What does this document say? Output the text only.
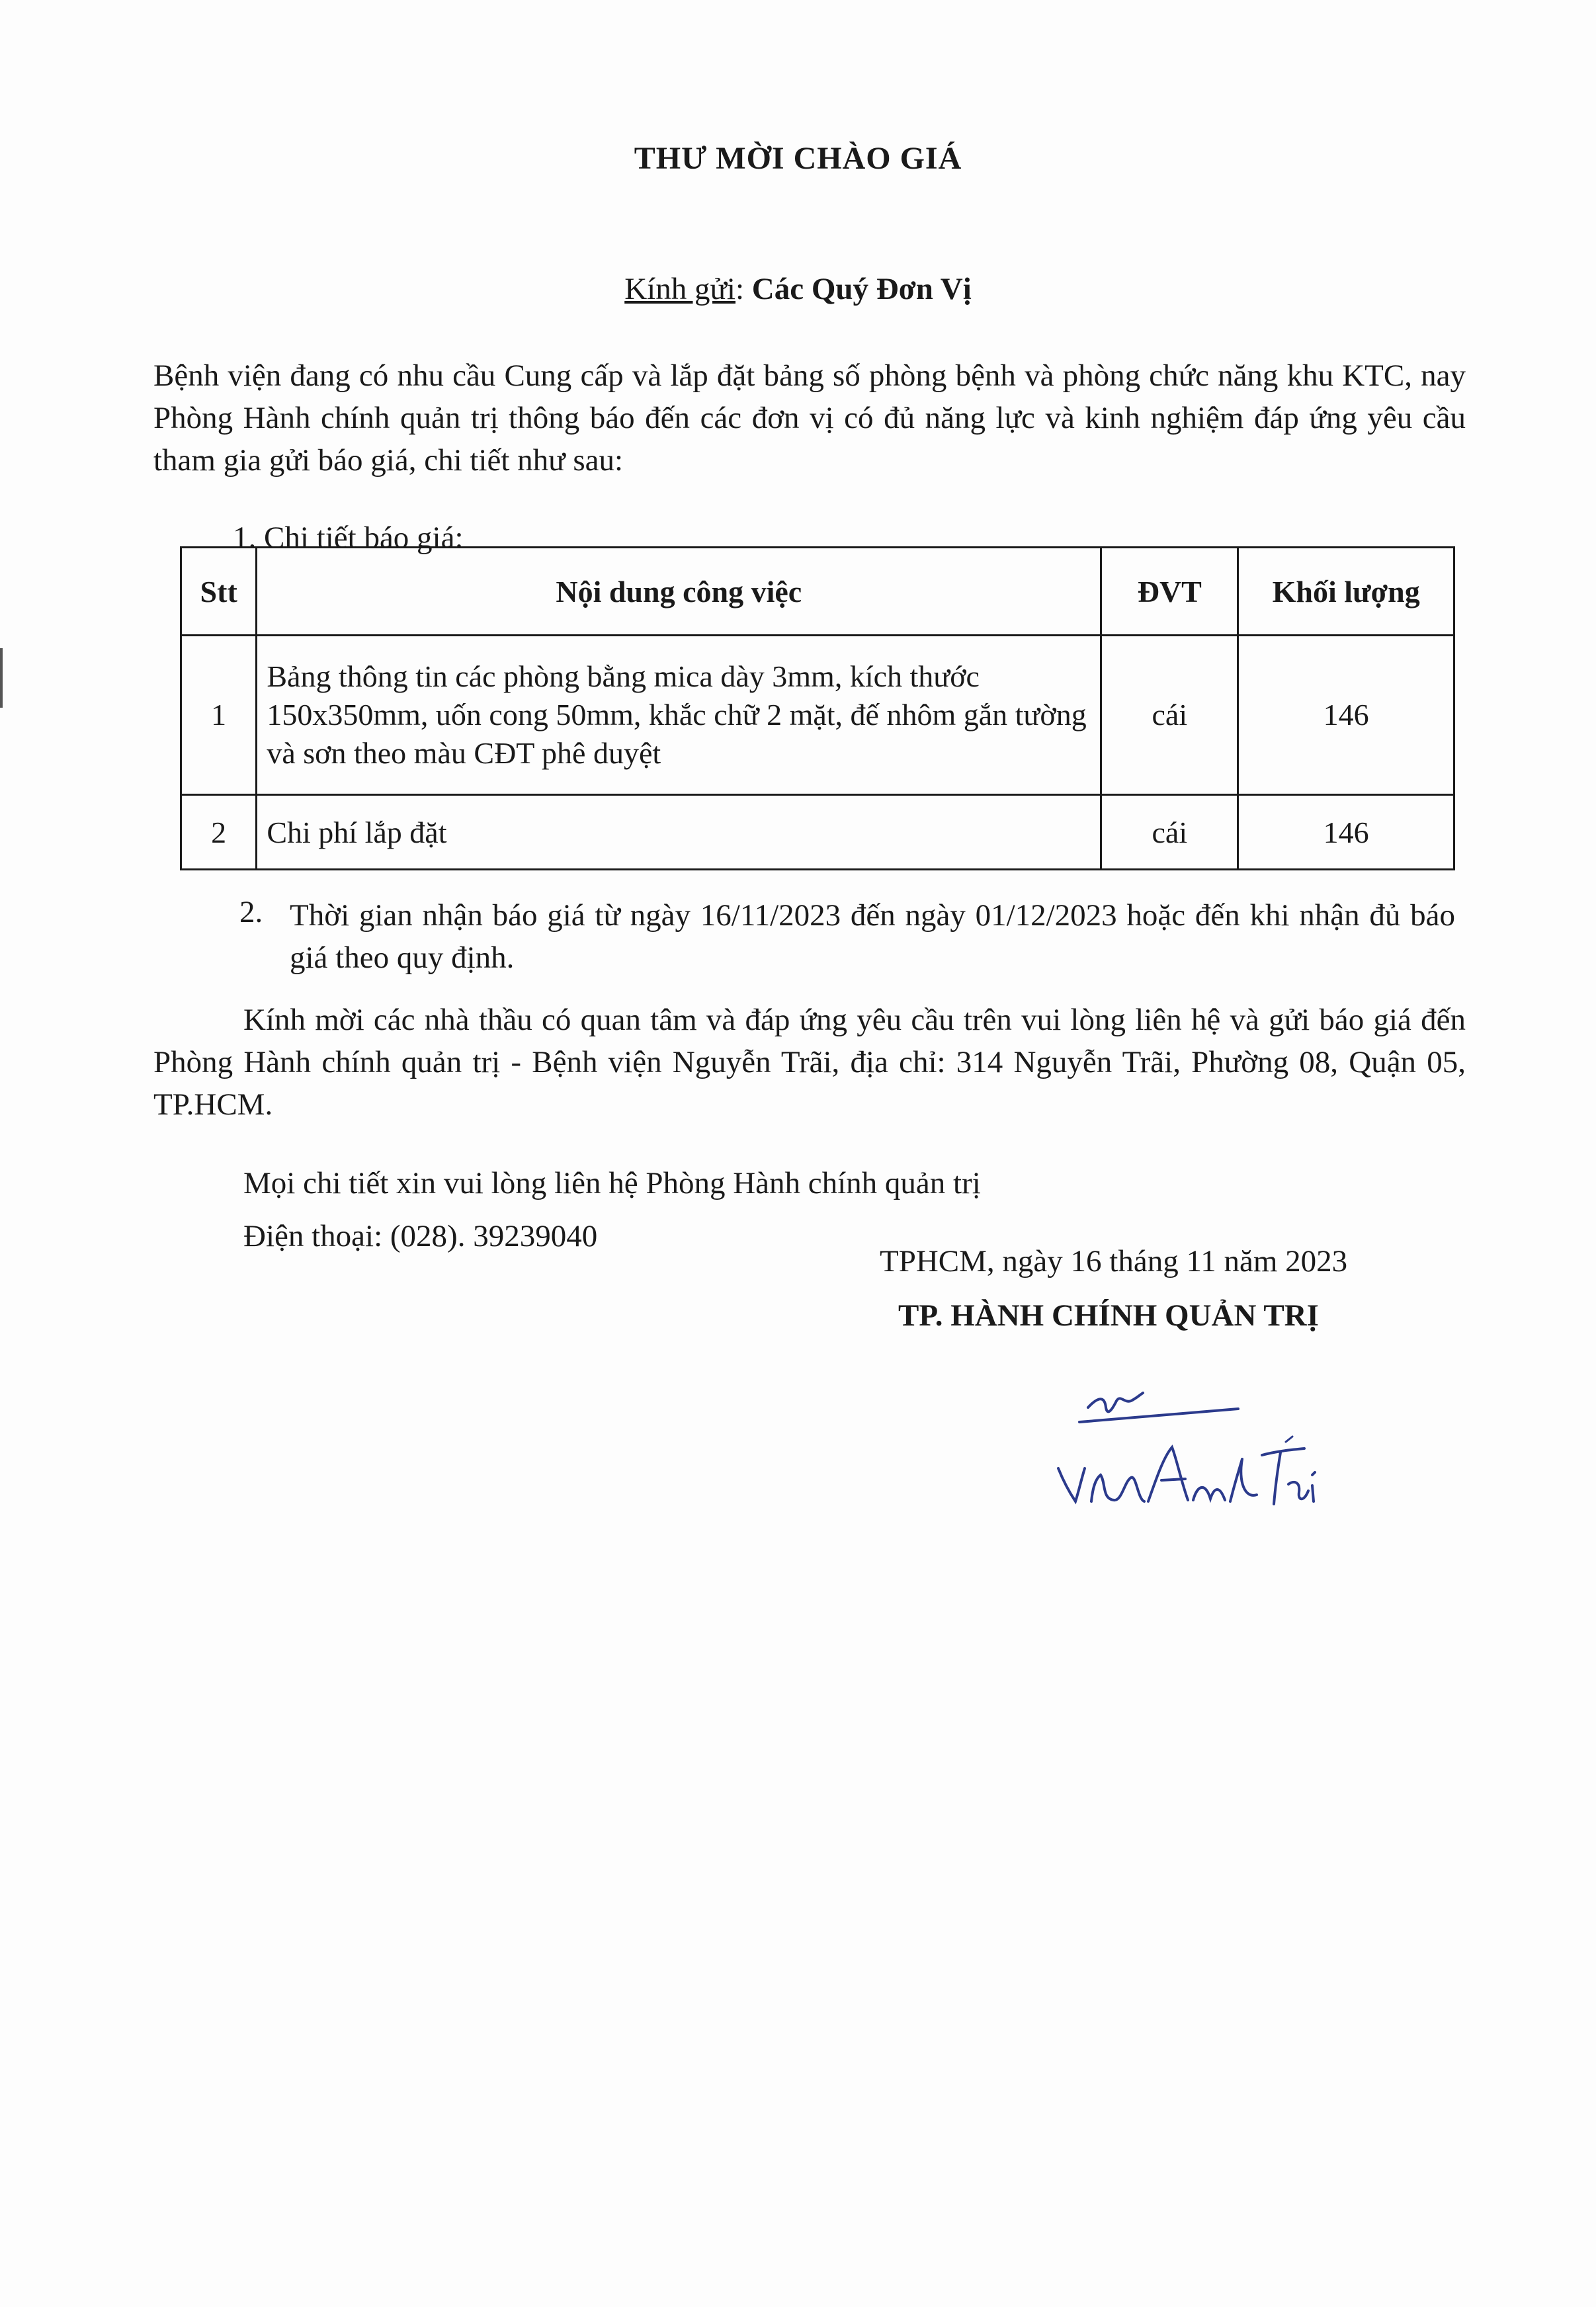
THƯ MỜI CHÀO GIÁ
Kính gửi: Các Quý Đơn Vị
Bệnh viện đang có nhu cầu Cung cấp và lắp đặt bảng số phòng bệnh và phòng chức năng khu KTC, nay Phòng Hành chính quản trị thông báo đến các đơn vị có đủ năng lực và kinh nghiệm đáp ứng yêu cầu tham gia gửi báo giá, chi tiết như sau:
1. Chi tiết báo giá:
Stt	Nội dung công việc	ĐVT	Khối lượng
1	Bảng thông tin các phòng bằng mica dày 3mm, kích thước 150x350mm, uốn cong 50mm, khắc chữ 2 mặt, đế nhôm gắn tường và sơn theo màu CĐT phê duyệt	cái	146
2	Chi phí lắp đặt	cái	146
2. Thời gian nhận báo giá từ ngày 16/11/2023 đến ngày 01/12/2023 hoặc đến khi nhận đủ báo giá theo quy định.
Kính mời các nhà thầu có quan tâm và đáp ứng yêu cầu trên vui lòng liên hệ và gửi báo giá đến Phòng Hành chính quản trị - Bệnh viện Nguyễn Trãi, địa chỉ: 314 Nguyễn Trãi, Phường 08, Quận 05, TP.HCM.
Mọi chi tiết xin vui lòng liên hệ Phòng Hành chính quản trị
Điện thoại: (028). 39239040
TPHCM, ngày 16 tháng 11 năm 2023
TP. HÀNH CHÍNH QUẢN TRỊ
